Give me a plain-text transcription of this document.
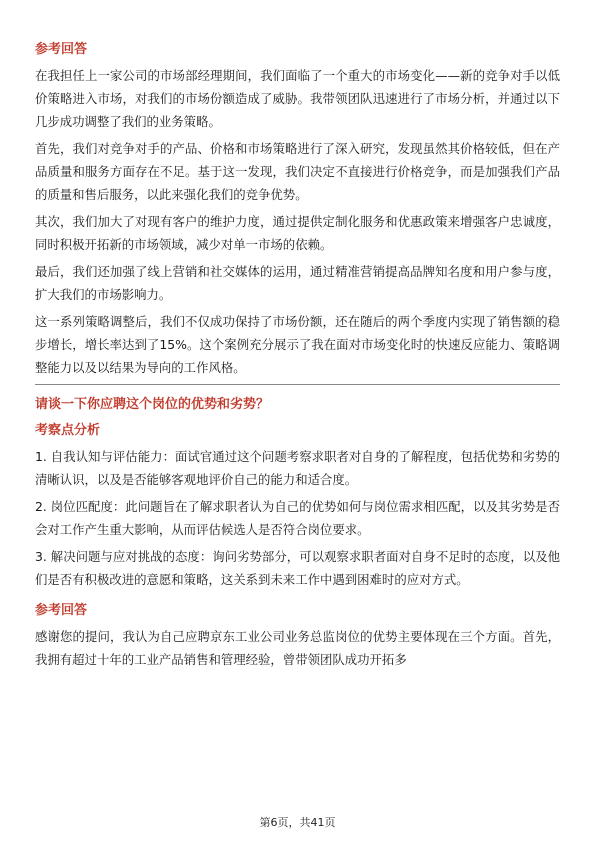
参考回答

在我担任上一家公司的市场部经理期间，我们面临了一个重大的市场变化——新的竞争对手以低价策略进入市场，对我们的市场份额造成了威胁。我带领团队迅速进行了市场分析，并通过以下几步成功调整了我们的业务策略。

首先，我们对竞争对手的产品、价格和市场策略进行了深入研究，发现虽然其价格较低，但在产品质量和服务方面存在不足。基于这一发现，我们决定不直接进行价格竞争，而是加强我们产品的质量和售后服务，以此来强化我们的竞争优势。

其次，我们加大了对现有客户的维护力度，通过提供定制化服务和优惠政策来增强客户忠诚度，同时积极开拓新的市场领域，减少对单一市场的依赖。

最后，我们还加强了线上营销和社交媒体的运用，通过精准营销提高品牌知名度和用户参与度，扩大我们的市场影响力。

这一系列策略调整后，我们不仅成功保持了市场份额，还在随后的两个季度内实现了销售额的稳步增长，增长率达到了15%。这个案例充分展示了我在面对市场变化时的快速反应能力、策略调整能力以及以结果为导向的工作风格。

请谈一下你应聘这个岗位的优势和劣势？
考察点分析

1. 自我认知与评估能力：面试官通过这个问题考察求职者对自身的了解程度，包括优势和劣势的清晰认识，以及是否能够客观地评价自己的能力和适合度。

2. 岗位匹配度：此问题旨在了解求职者认为自己的优势如何与岗位需求相匹配，以及其劣势是否会对工作产生重大影响，从而评估候选人是否符合岗位要求。

3. 解决问题与应对挑战的态度：询问劣势部分，可以观察求职者面对自身不足时的态度，以及他们是否有积极改进的意愿和策略，这关系到未来工作中遇到困难时的应对方式。

参考回答

感谢您的提问，我认为自己应聘京东工业公司业务总监岗位的优势主要体现在三个方面。首先，我拥有超过十年的工业产品销售和管理经验，曾带领团队成功开拓多

第6页，共41页
